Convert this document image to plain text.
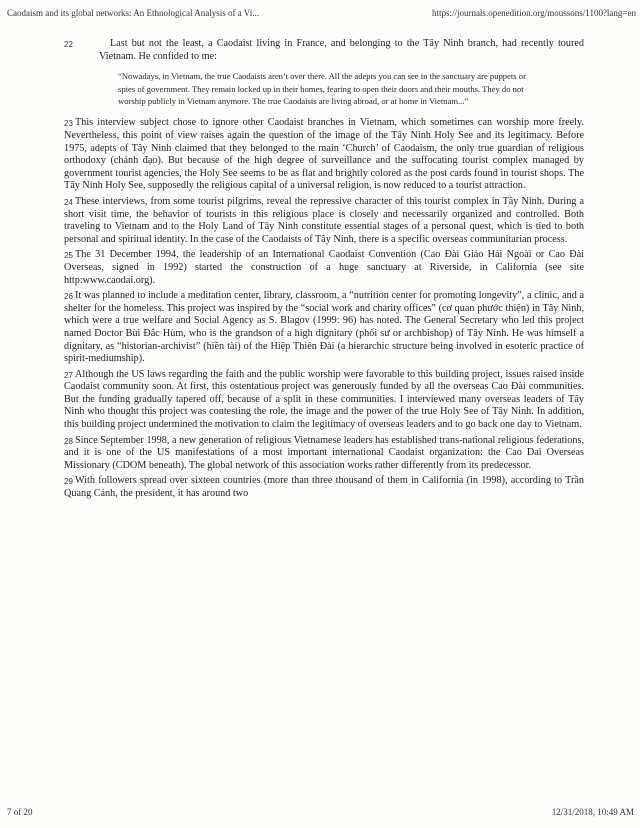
Caodaism and its global networks: An Ethnological Analysis of a Vi...	https://journals.openedition.org/moussons/1100?lang=en
22	Last but not the least, a Caodaist living in France, and belonging to the Tây Ninh branch, had recently toured Vietnam. He confided to me:

“Nowadays, in Vietnam, the true Caodaists aren’t over there. All the adepts you can see in the sanctuary are puppets or spies of government. They remain locked up in their homes, fearing to open their doors and their mouths. They do not worship publicly in Vietnam anymore. The true Caodaists are living abroad, or at home in Vietnam...”
23 This interview subject chose to ignore other Caodaist branches in Vietnam, which sometimes can worship more freely. Nevertheless, this point of view raises again the question of the image of the Tây Ninh Holy See and its legitimacy. Before 1975, adepts of Tây Ninh claimed that they belonged to the main ‘Church’ of Caodaism, the only true guardian of religious orthodoxy (chánh đạo). But because of the high degree of surveillance and the suffocating tourist complex managed by government tourist agencies, the Holy See seems to be as flat and brightly colored as the post cards found in tourist shops. The Tây Ninh Holy See, supposedly the religious capital of a universal religion, is now reduced to a tourist attraction.

24 These interviews, from some tourist pilgrims, reveal the repressive character of this tourist complex in Tây Ninh. During a short visit time, the behavior of tourists in this religious place is closely and necessarily organized and controlled. Both traveling to Vietnam and to the Holy Land of Tây Ninh constitute essential stages of a personal quest, which is tied to both personal and spiritual identity. In the case of the Caodaists of Tây Ninh, there is a specific overseas communitarian process.

25 The 31 December 1994, the leadership of an International Caodaist Convention (Cao Đài Giáo Hải Ngoài or Cao Đài Overseas, signed in 1992) started the construction of a huge sanctuary at Riverside, in California (see site http:www.caodai.org).

26 It was planned to include a meditation center, library, classroom, a “nutrition center for promoting longevity”, a clinic, and a shelter for the homeless. This project was inspired by the “social work and charity offices” (cơ quan phước thiện) in Tây Ninh, which were a true welfare and Social Agency as S. Blagov (1999: 96) has noted. The General Secretary who led this project named Doctor Bùi Đắc Hùm, who is the grandson of a high dignitary (phối sư or archbishop) of Tây Ninh. He was himself a dignitary, as “historian-archivist” (hiền tài) of the Hiệp Thiên Đài (a hierarchic structure being involved in esoteric practice of spirit-mediumship).

27 Although the US laws regarding the faith and the public worship were favorable to this building project, issues raised inside Caodaist community soon. At first, this ostentatious project was generously funded by all the overseas Cao Đài communities. But the funding gradually tapered off, because of a split in these communities. I interviewed many overseas leaders of Tây Ninh who thought this project was contesting the role, the image and the power of the true Holy See of Tây Ninh. In addition, this building project undermined the motivation to claim the legitimacy of overseas leaders and to go back one day to Vietnam.

28 Since September 1998, a new generation of religious Vietnamese leaders has established trans-national religious federations, and it is one of the US manifestations of a most important international Caodaist organization: the Cao Dai Overseas Missionary (CDOM beneath). The global network of this association works rather differently from its predecessor.

29 With followers spread over sixteen countries (more than three thousand of them in California (in 1998), according to Trần Quang Cảnh, the president, it has around two

7 of 20	12/31/2018, 10:49 AM
